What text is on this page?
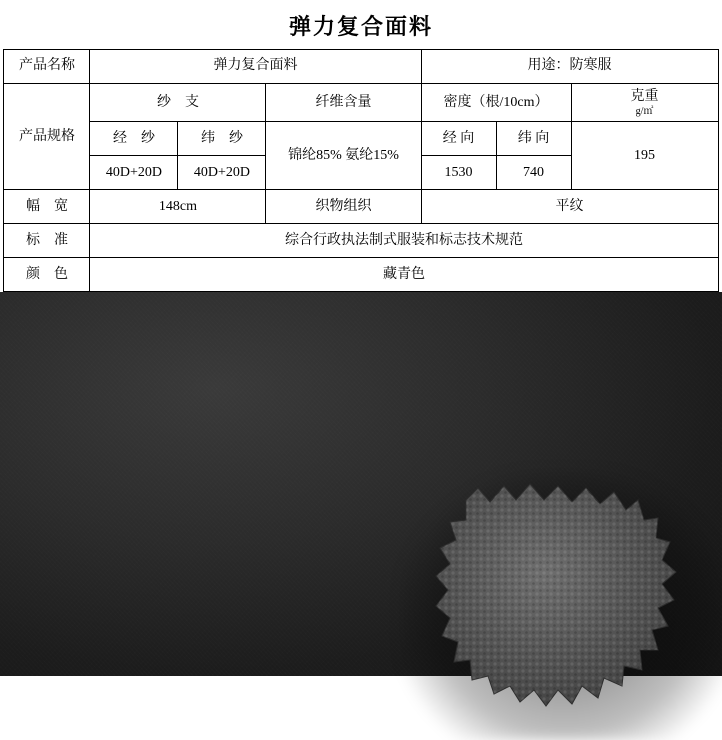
弹力复合面料
产品名称	弹力复合面料			用途：防寒服		
产品规格	纱　支		纤维含量	密度（根/10cm）		克重
g/㎡

	经　纱	纬　纱	锦纶85% 氨纶15%	经 向	纬 向	195
	40D+20D	40D+20D		1530	740	
幅　宽	148cm		织物组织	平纹		
标　准	综合行政执法制式服装和标志技术规范					
颜　色	藏青色					
